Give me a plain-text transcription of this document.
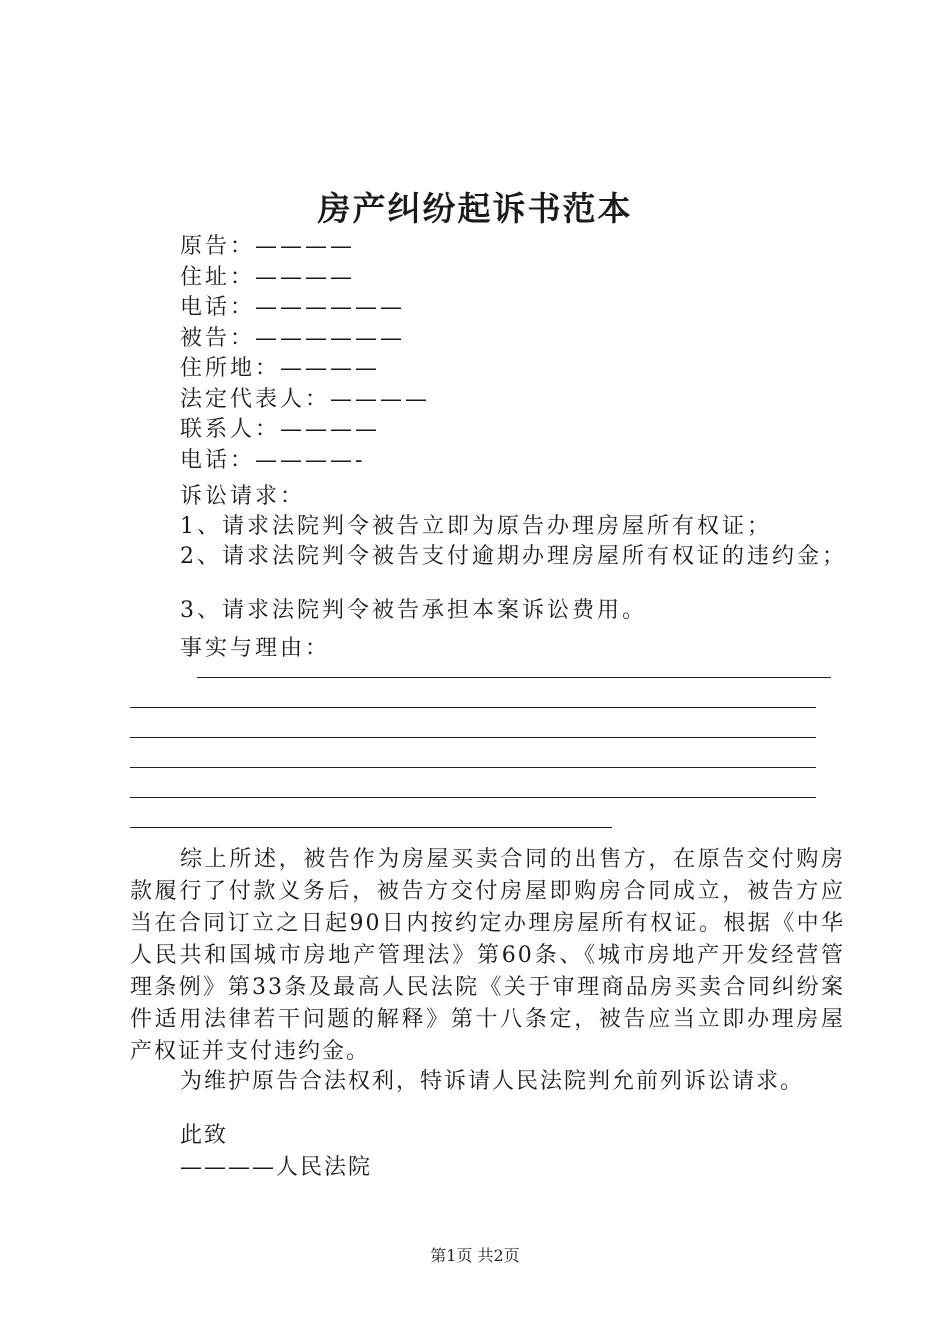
房产纠纷起诉书范本
原告：————
住址：————
电话：——————
被告：——————
住所地：————
法定代表人：————
联系人：————
电话：————-
诉讼请求：
1、请求法院判令被告立即为原告办理房屋所有权证；
2、请求法院判令被告支付逾期办理房屋所有权证的违约金；
3、请求法院判令被告承担本案诉讼费用。
事实与理由：
综上所述，被告作为房屋买卖合同的出售方，在原告交付购房款履行了付款义务后，被告方交付房屋即购房合同成立，被告方应当在合同订立之日起90日内按约定办理房屋所有权证。根据《中华人民共和国城市房地产管理法》第60条、《城市房地产开发经营管理条例》第33条及最高人民法院《关于审理商品房买卖合同纠纷案件适用法律若干问题的解释》第十八条定，被告应当立即办理房屋产权证并支付违约金。
为维护原告合法权利，特诉请人民法院判允前列诉讼请求。
此致
————人民法院
第1页 共2页
